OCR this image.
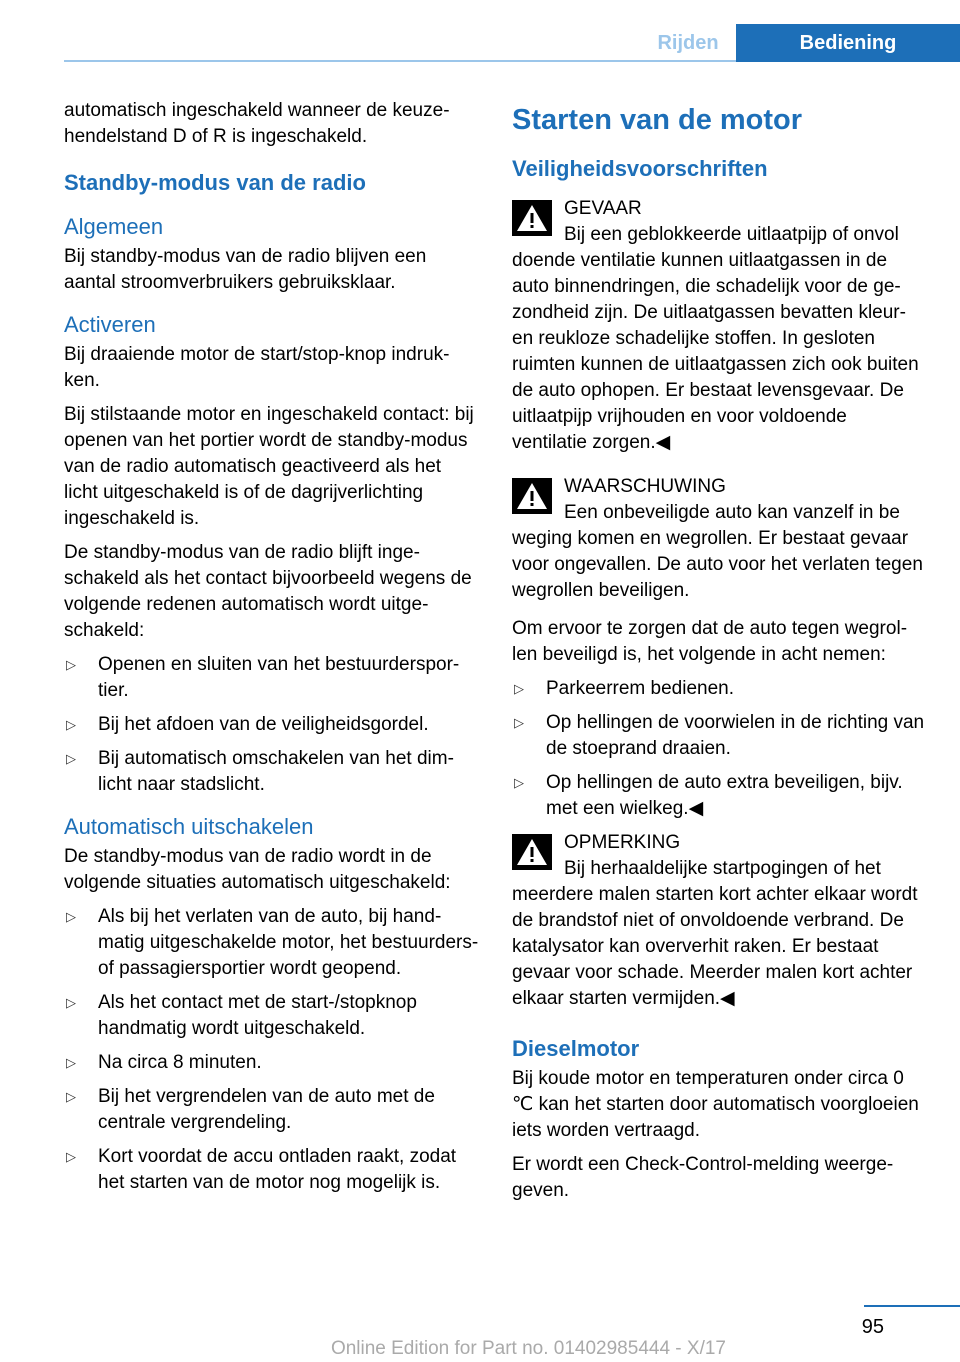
Rijden	Bediening

automatisch ingeschakeld wanneer de keuzehendelstand D of R is ingeschakeld.

Standby-modus van de radio
Algemeen

Bij standby-modus van de radio blijven een aantal stroomverbruikers gebruiksklaar.

Activeren

Bij draaiende motor de start/stop-knop indrukken.

Bij stilstaande motor en ingeschakeld contact: bij openen van het portier wordt de standby-modus van de radio automatisch geactiveerd als het licht uitgeschakeld is of de dagrijverlichting ingeschakeld is.

De standby-modus van de radio blijft ingeschakeld als het contact bijvoorbeeld wegens de volgende redenen automatisch wordt uitgeschakeld:

▷ Openen en sluiten van het bestuurdersportier.
▷ Bij het afdoen van de veiligheidsgordel.
▷ Bij automatisch omschakelen van het dimlicht naar stadslicht.
Automatisch uitschakelen

De standby-modus van de radio wordt in de volgende situaties automatisch uitgeschakeld:

▷ Als bij het verlaten van de auto, bij handmatig uitgeschakelde motor, het bestuurders- of passagiersportier wordt geopend.
▷ Als het contact met de start-/stopknop handmatig wordt uitgeschakeld.
▷ Na circa 8 minuten.
▷ Bij het vergrendelen van de auto met de centrale vergrendeling.
▷ Kort voordat de accu ontladen raakt, zodat het starten van de motor nog mogelijk is.
Starten van de motor
Veiligheidsvoorschriften
GEVAAR
Bij een geblokkeerde uitlaatpijp of onvol
doende ventilatie kunnen uitlaatgassen in de auto binnendringen, die schadelijk voor de gezondheid zijn. De uitlaatgassen bevatten kleur- en reukloze schadelijke stoffen. In gesloten ruimten kunnen de uitlaatgassen zich ook buiten de auto ophopen. Er bestaat levensgevaar. De uitlaatpijp vrijhouden en voor voldoende ventilatie zorgen.◀
WAARSCHUWING
Een onbeveiligde auto kan vanzelf in be
weging komen en wegrollen. Er bestaat gevaar voor ongevallen. De auto voor het verlaten tegen wegrollen beveiligen.

Om ervoor te zorgen dat de auto tegen wegrollen beveiligd is, het volgende in acht nemen:

▷ Parkeerrem bedienen.
▷ Op hellingen de voorwielen in de richting van de stoeprand draaien.
▷ Op hellingen de auto extra beveiligen, bijv. met een wielkeg.◀
OPMERKING
Bij herhaaldelijke startpogingen of het
meerdere malen starten kort achter elkaar wordt de brandstof niet of onvoldoende verbrand. De katalysator kan oververhit raken. Er bestaat gevaar voor schade. Meerder malen kort achter elkaar starten vermijden.◀
Dieselmotor

Bij koude motor en temperaturen onder circa 0 ℃ kan het starten door automatisch voorgloeien iets worden vertraagd.

Er wordt een Check-Control-melding weergegeven.

95
Online Edition for Part no. 01402985444 - X/17
